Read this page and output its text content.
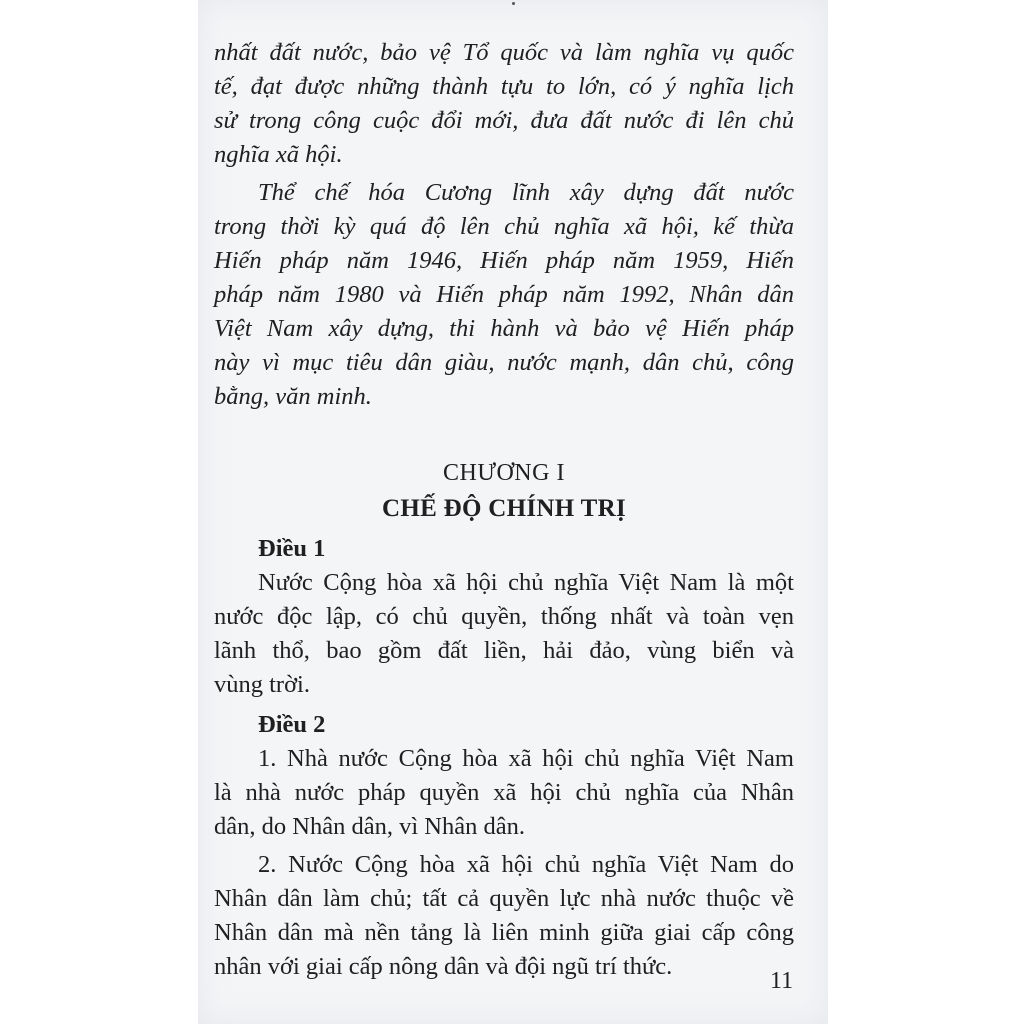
nhất đất nước, bảo vệ Tổ quốc và làm nghĩa vụ quốc
tế, đạt được những thành tựu to lớn, có ý nghĩa lịch
sử trong công cuộc đổi mới, đưa đất nước đi lên chủ
nghĩa xã hội.
Thể chế hóa Cương lĩnh xây dựng đất nước
trong thời kỳ quá độ lên chủ nghĩa xã hội, kế thừa
Hiến pháp năm 1946, Hiến pháp năm 1959, Hiến
pháp năm 1980 và Hiến pháp năm 1992, Nhân dân
Việt Nam xây dựng, thi hành và bảo vệ Hiến pháp
này vì mục tiêu dân giàu, nước mạnh, dân chủ, công
bằng, văn minh.
CHƯƠNG I
CHẾ ĐỘ CHÍNH TRỊ
Điều 1
Nước Cộng hòa xã hội chủ nghĩa Việt Nam là một
nước độc lập, có chủ quyền, thống nhất và toàn vẹn
lãnh thổ, bao gồm đất liền, hải đảo, vùng biển và
vùng trời.
Điều 2
1. Nhà nước Cộng hòa xã hội chủ nghĩa Việt Nam
là nhà nước pháp quyền xã hội chủ nghĩa của Nhân
dân, do Nhân dân, vì Nhân dân.
2. Nước Cộng hòa xã hội chủ nghĩa Việt Nam do
Nhân dân làm chủ; tất cả quyền lực nhà nước thuộc về
Nhân dân mà nền tảng là liên minh giữa giai cấp công
nhân với giai cấp nông dân và đội ngũ trí thức.
11
